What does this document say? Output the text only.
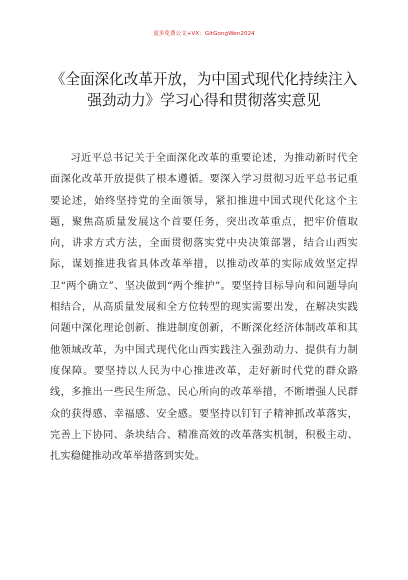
更多免费公文+VX：GitGongWen2024
《全面深化改革开放，为中国式现代化持续注入强劲动力》学习心得和贯彻落实意见

习近平总书记关于全面深化改革的重要论述，为推动新时代全面深化改革开放提供了根本遵循。要深入学习贯彻习近平总书记重要论述，始终坚持党的全面领导，紧扣推进中国式现代化这个主题，聚焦高质量发展这个首要任务，突出改革重点，把牢价值取向，讲求方式方法，全面贯彻落实党中央决策部署，结合山西实际，谋划推进我省具体改革举措，以推动改革的实际成效坚定捍卫“两个确立”、坚决做到“两个维护”。要坚持目标导向和问题导向相结合，从高质量发展和全方位转型的现实需要出发，在解决实践问题中深化理论创新、推进制度创新，不断深化经济体制改革和其他领域改革，为中国式现代化山西实践注入强劲动力、提供有力制度保障。要坚持以人民为中心推进改革，走好新时代党的群众路线，多推出一些民生所急、民心所向的改革举措，不断增强人民群众的获得感、幸福感、安全感。要坚持以钉钉子精神抓改革落实，完善上下协同、条块结合、精准高效的改革落实机制，积极主动、扎实稳健推动改革举措落到实处。
